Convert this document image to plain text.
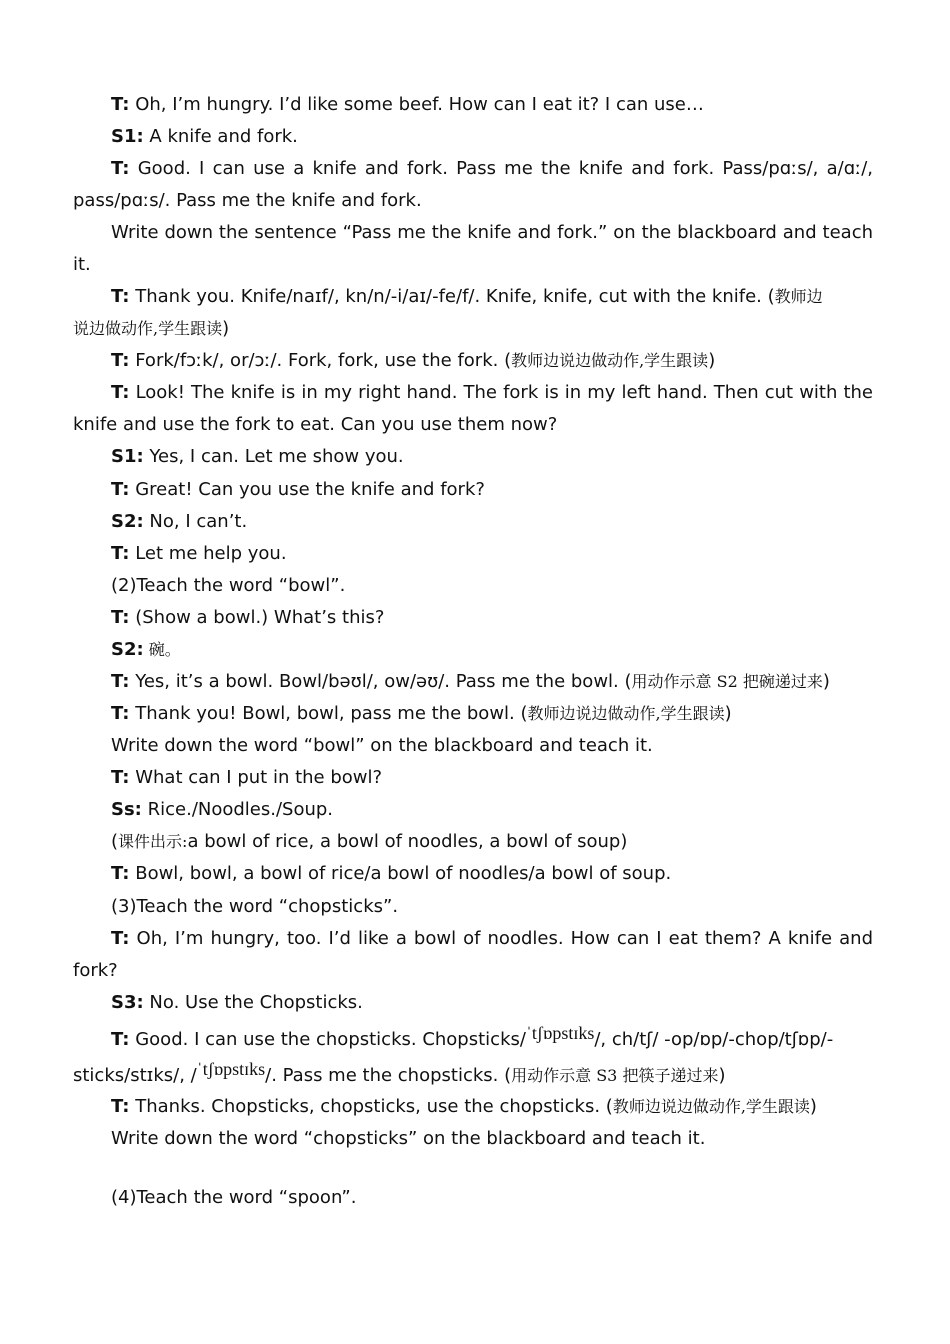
T: Oh, I’m hungry. I’d like some beef. How can I eat it? I can use…
S1: A knife and fork.
T: Good. I can use a knife and fork. Pass me the knife and fork. Pass/pɑːs/, a/ɑː/,
pass/pɑːs/. Pass me the knife and fork.
Write down the sentence “Pass me the knife and fork.” on the blackboard and teach
it.
T: Thank you. Knife/naɪf/, kn/n/-i/aɪ/-fe/f/. Knife, knife, cut with the knife. (教师边
说边做动作,学生跟读)
T: Fork/fɔːk/, or/ɔː/. Fork, fork, use the fork. (教师边说边做动作,学生跟读)
T: Look! The knife is in my right hand. The fork is in my left hand. Then cut with the
knife and use the fork to eat. Can you use them now?
S1: Yes, I can. Let me show you.
T: Great! Can you use the knife and fork?
S2: No, I can’t.
T: Let me help you.
(2)Teach the word “bowl”.
T: (Show a bowl.) What’s this?
S2: 碗。
T: Yes, it’s a bowl. Bowl/bəʊl/, ow/əʊ/. Pass me the bowl. (用动作示意 S2 把碗递过来)
T: Thank you! Bowl, bowl, pass me the bowl. (教师边说边做动作,学生跟读)
Write down the word “bowl” on the blackboard and teach it.
T: What can I put in the bowl?
Ss: Rice./Noodles./Soup.
(课件出示:a bowl of rice, a bowl of noodles, a bowl of soup)
T: Bowl, bowl, a bowl of rice/a bowl of noodles/a bowl of soup.
(3)Teach the word “chopsticks”.
T: Oh, I’m hungry, too. I’d like a bowl of noodles. How can I eat them? A knife and
fork?
S3: No. Use the Chopsticks.
T: Good. I can use the chopsticks. Chopsticks/ˈtʃɒpstɪks/, ch/tʃ/ -op/ɒp/-chop/tʃɒp/-
sticks/stɪks/, /ˈtʃɒpstɪks/. Pass me the chopsticks. (用动作示意 S3 把筷子递过来)
T: Thanks. Chopsticks, chopsticks, use the chopsticks. (教师边说边做动作,学生跟读)
Write down the word “chopsticks” on the blackboard and teach it.
(4)Teach the word “spoon”.
